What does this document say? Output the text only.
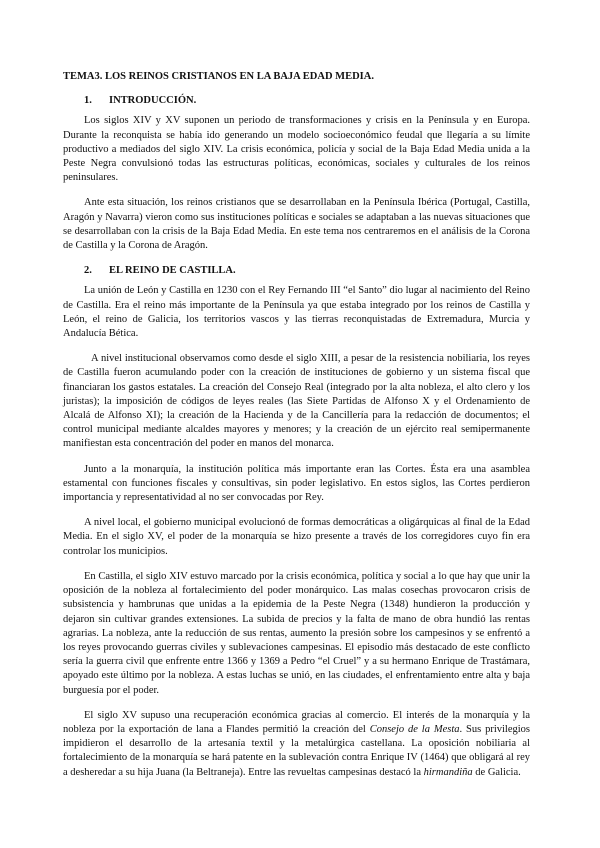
TEMA3. LOS REINOS CRISTIANOS EN LA BAJA EDAD MEDIA.
1.	INTRODUCCIÓN.

Los siglos XIV y XV suponen un periodo de transformaciones y crisis en la Península y en Europa. Durante la reconquista se había ido generando un modelo socioeconómico feudal que llegaría a su límite productivo a mediados del siglo XIV. La crisis económica, policía y social de la Baja Edad Media unida a la Peste Negra convulsionó todas las estructuras políticas, económicas, sociales y culturales de los reinos peninsulares.

Ante esta situación, los reinos cristianos que se desarrollaban en la Península Ibérica (Portugal, Castilla, Aragón y Navarra) vieron como sus instituciones políticas e sociales se adaptaban a las nuevas situaciones que se desarrollaban con la crisis de la Baja Edad Media. En este tema nos centraremos en el análisis de la Corona de Castilla y la Corona de Aragón.

2.	EL REINO DE CASTILLA.

La unión de León y Castilla en 1230 con el Rey Fernando III “el Santo” dio lugar al nacimiento del Reino de Castilla. Era el reino más importante de la Península ya que estaba integrado por los reinos de Castilla y León, el reino de Galicia, los territorios vascos y las tierras reconquistadas de Extremadura, Murcia y Andalucía Bética.

A nivel institucional observamos como desde el siglo XIII, a pesar de la resistencia nobiliaria, los reyes de Castilla fueron acumulando poder con la creación de instituciones de gobierno y un sistema fiscal que financiaran los gastos estatales. La creación del Consejo Real (integrado por la alta nobleza, el alto clero y los juristas); la imposición de códigos de leyes reales (las Siete Partidas de Alfonso X y el Ordenamiento de Alcalá de Alfonso XI); la creación de la Hacienda y de la Cancillería para la redacción de documentos; el control municipal mediante alcaldes mayores y menores; y la creación de un ejército real semipermanente manifiestan esta concentración del poder en manos del monarca.

Junto a la monarquía, la institución política más importante eran las Cortes. Ésta era una asamblea estamental con funciones fiscales y consultivas, sin poder legislativo. En estos siglos, las Cortes perdieron importancia y representatividad al no ser convocadas por Rey.

A nivel local, el gobierno municipal evolucionó de formas democráticas a oligárquicas al final de la Edad Media. En el siglo XV, el poder de la monarquía se hizo presente a través de los corregidores cuyo fin era controlar los municipios.

En Castilla, el siglo XIV estuvo marcado por la crisis económica, política y social a lo que hay que unir la oposición de la nobleza al fortalecimiento del poder monárquico. Las malas cosechas provocaron crisis de subsistencia y hambrunas que unidas a la epidemia de la Peste Negra (1348) hundieron la producción y dejaron sin cultivar grandes extensiones. La subida de precios y la falta de mano de obra hundió las rentas agrarias. La nobleza, ante la reducción de sus rentas, aumento la presión sobre los campesinos y se enfrentó a los reyes provocando guerras civiles y sublevaciones campesinas. El episodio más destacado de este conflicto sería la guerra civil que enfrente entre 1366 y 1369 a Pedro “el Cruel” y a su hermano Enrique de Trastámara, apoyado este último por la nobleza. A estas luchas se unió, en las ciudades, el enfrentamiento entre alta y baja burguesía por el poder.

El siglo XV supuso una recuperación económica gracias al comercio. El interés de la monarquía y la nobleza por la exportación de lana a Flandes permitió la creación del Consejo de la Mesta. Sus privilegios impidieron el desarrollo de la artesanía textil y la metalúrgica castellana. La oposición nobiliaria al fortalecimiento de la monarquía se hará patente en la sublevación contra Enrique IV (1464) que obligará al rey a desheredar a su hija Juana (la Beltraneja). Entre las revueltas campesinas destacó la hirmandiña de Galicia.
